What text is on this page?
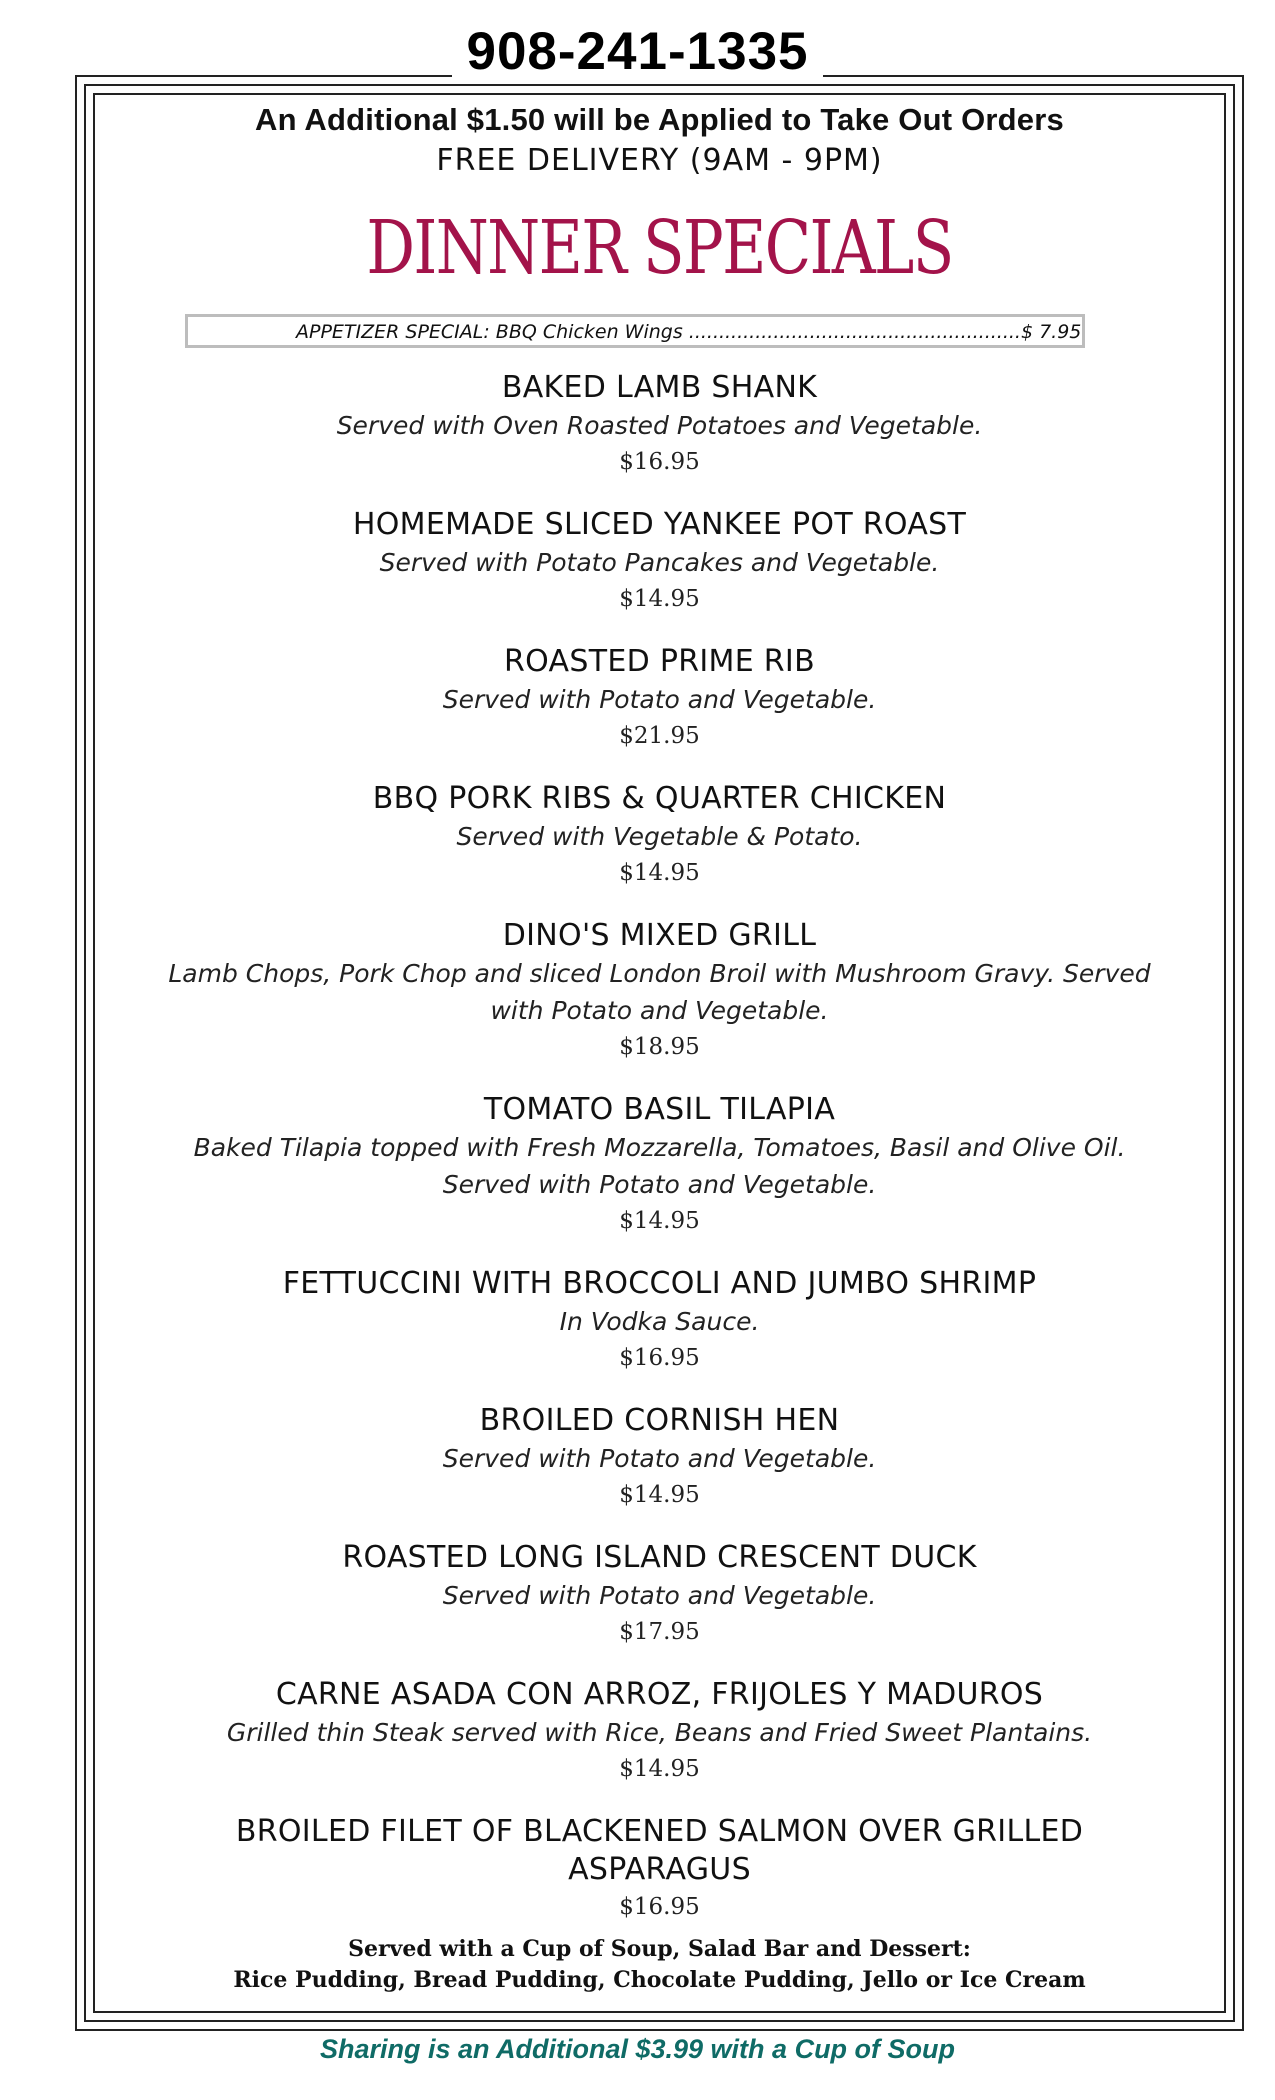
908-241-1335
An Additional $1.50 will be Applied to Take Out Orders
FREE DELIVERY (9AM - 9PM)
DINNER SPECIALS
APPETIZER SPECIAL: BBQ Chicken Wings .......................................................$ 7.95
BAKED LAMB SHANK
Served with Oven Roasted Potatoes and Vegetable.
$16.95
HOMEMADE SLICED YANKEE POT ROAST
Served with Potato Pancakes and Vegetable.
$14.95
ROASTED PRIME RIB
Served with Potato and Vegetable.
$21.95
BBQ PORK RIBS & QUARTER CHICKEN
Served with Vegetable & Potato.
$14.95
DINO'S MIXED GRILL
Lamb Chops, Pork Chop and sliced London Broil with Mushroom Gravy. Served with Potato and Vegetable.
$18.95
TOMATO BASIL TILAPIA
Baked Tilapia topped with Fresh Mozzarella, Tomatoes, Basil and Olive Oil. Served with Potato and Vegetable.
$14.95
FETTUCCINI WITH BROCCOLI AND JUMBO SHRIMP
In Vodka Sauce.
$16.95
BROILED CORNISH HEN
Served with Potato and Vegetable.
$14.95
ROASTED LONG ISLAND CRESCENT DUCK
Served with Potato and Vegetable.
$17.95
CARNE ASADA CON ARROZ, FRIJOLES Y MADUROS
Grilled thin Steak served with Rice, Beans and Fried Sweet Plantains.
$14.95
BROILED FILET OF BLACKENED SALMON OVER GRILLED ASPARAGUS
$16.95
Served with a Cup of Soup, Salad Bar and Dessert:
Rice Pudding, Bread Pudding, Chocolate Pudding, Jello or Ice Cream
Sharing is an Additional $3.99 with a Cup of Soup
